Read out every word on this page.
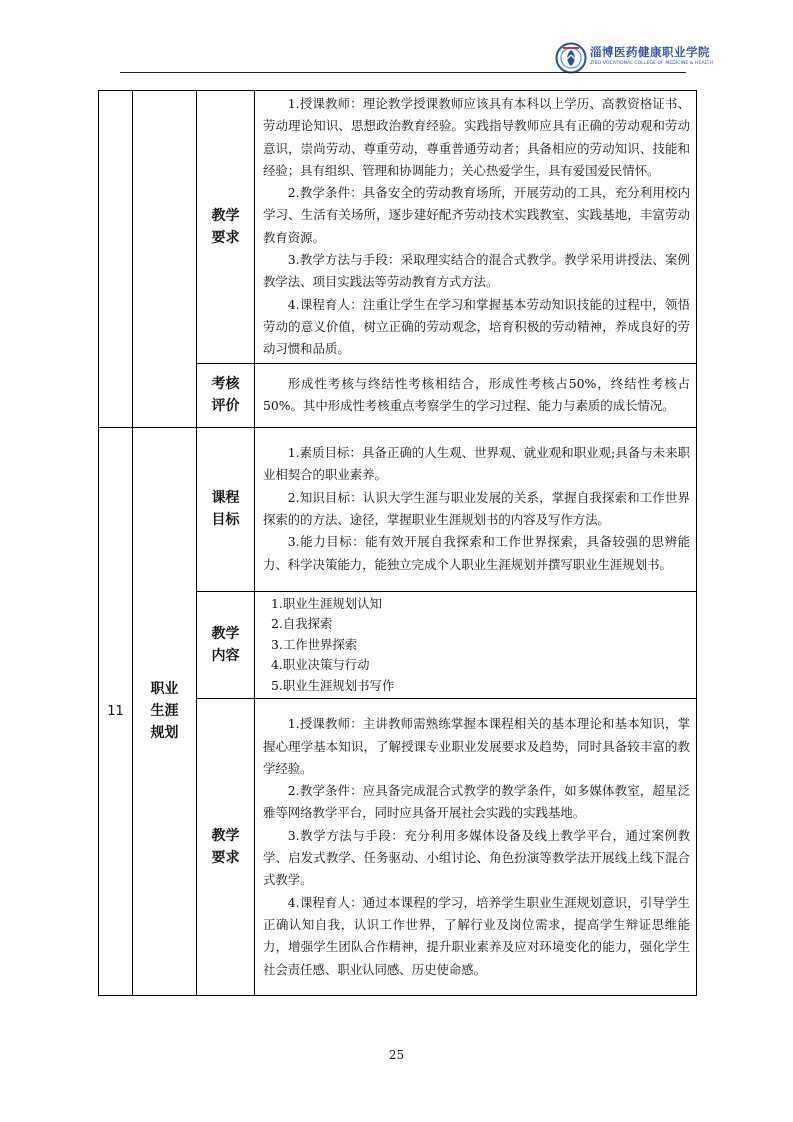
淄博医药健康职业学院
ZIBO VOCATIONAL COLLEGE OF MEDICINE & HEALTH

		教学要求	1.授课教师：理论教学授课教师应该具有本科以上学历、高教资格证书、劳动理论知识、思想政治教育经验。实践指导教师应具有正确的劳动观和劳动意识，崇尚劳动、尊重劳动，尊重普通劳动者；具备相应的劳动知识、技能和经验；具有组织、管理和协调能力；关心热爱学生，具有爱国爱民情怀。

2.教学条件：具备安全的劳动教育场所，开展劳动的工具，充分利用校内学习、生活有关场所，逐步建好配齐劳动技术实践教室、实践基地，丰富劳动教育资源。

3.教学方法与手段：采取理实结合的混合式教学。教学采用讲授法、案例教学法、项目实践法等劳动教育方式方法。

4.课程育人：注重让学生在学习和掌握基本劳动知识技能的过程中，领悟劳动的意义价值，树立正确的劳动观念，培育积极的劳动精神，养成良好的劳动习惯和品质。

		考核评价	形成性考核与终结性考核相结合，形成性考核占50%，终结性考核占50%。其中形成性考核重点考察学生的学习过程、能力与素质的成长情况。

11	职业生涯规划	课程目标	1.素质目标：具备正确的人生观、世界观、就业观和职业观;具备与未来职业相契合的职业素养。

2.知识目标：认识大学生涯与职业发展的关系，掌握自我探索和工作世界探索的的方法、途径，掌握职业生涯规划书的内容及写作方法。

3.能力目标：能有效开展自我探索和工作世界探索，具备较强的思辨能力、科学决策能力，能独立完成个人职业生涯规划并撰写职业生涯规划书。

		教学内容	1.职业生涯规划认知
2.自我探索
3.工作世界探索
4.职业决策与行动
5.职业生涯规划书写作

		教学要求	1.授课教师：主讲教师需熟练掌握本课程相关的基本理论和基本知识，掌握心理学基本知识，了解授课专业职业发展要求及趋势，同时具备较丰富的教学经验。

2.教学条件：应具备完成混合式教学的教学条件，如多媒体教室，超星泛雅等网络教学平台，同时应具备开展社会实践的实践基地。

3.教学方法与手段：充分利用多媒体设备及线上教学平台，通过案例教学、启发式教学、任务驱动、小组讨论、角色扮演等教学法开展线上线下混合式教学。

4.课程育人：通过本课程的学习，培养学生职业生涯规划意识，引导学生正确认知自我，认识工作世界，了解行业及岗位需求，提高学生辩证思维能力，增强学生团队合作精神，提升职业素养及应对环境变化的能力，强化学生社会责任感、职业认同感、历史使命感。

25
